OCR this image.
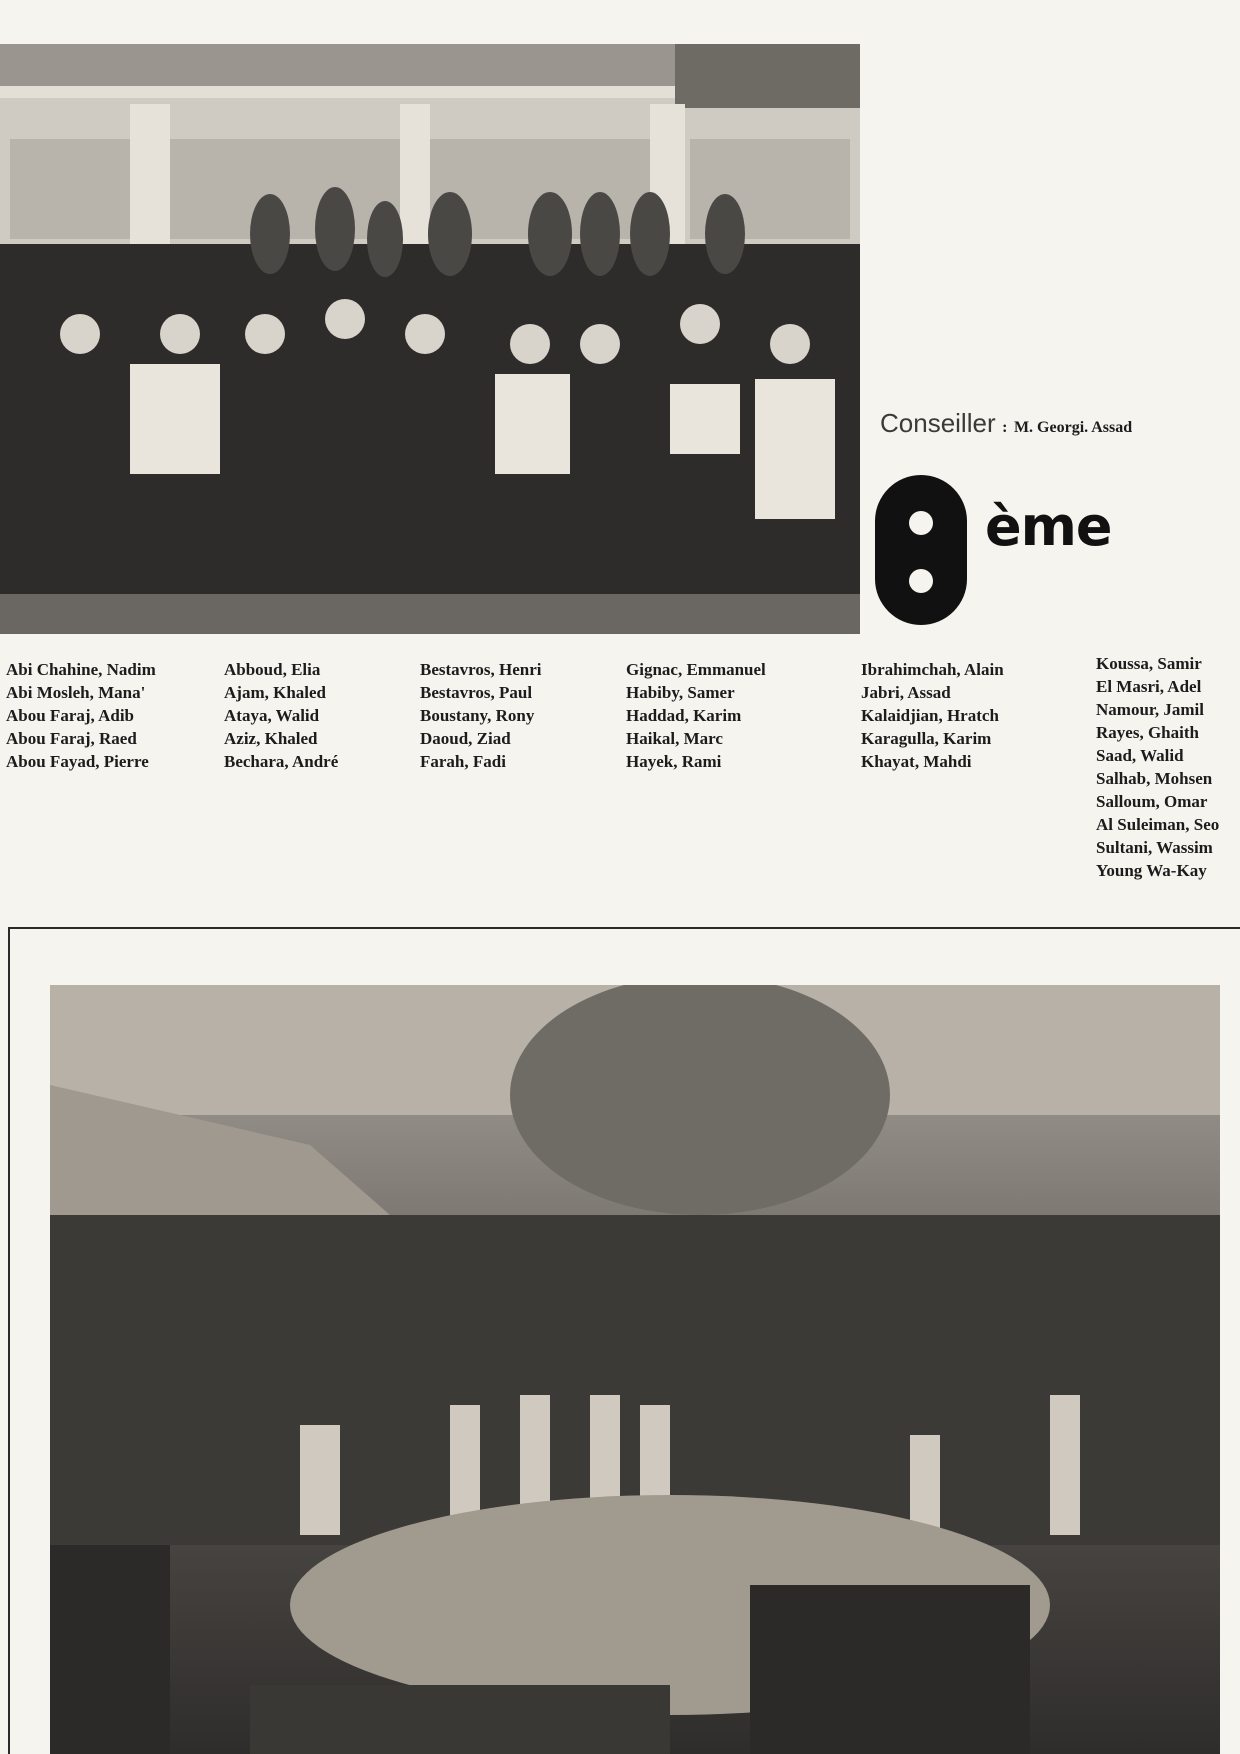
Conseiller : M. Georgi. Assad
ème
Abi Chahine, Nadim
Abi Mosleh, Mana'
Abou Faraj, Adib
Abou Faraj, Raed
Abou Fayad, Pierre
Abboud, Elia
Ajam, Khaled
Ataya, Walid
Aziz, Khaled
Bechara, André
Bestavros, Henri
Bestavros, Paul
Boustany, Rony
Daoud, Ziad
Farah, Fadi
Gignac, Emmanuel
Habiby, Samer
Haddad, Karim
Haikal, Marc
Hayek, Rami
Ibrahimchah, Alain
Jabri, Assad
Kalaidjian, Hratch
Karagulla, Karim
Khayat, Mahdi
Koussa, Samir
El Masri, Adel
Namour, Jamil
Rayes, Ghaith
Saad, Walid
Salhab, Mohsen
Salloum, Omar
Al Suleiman, Seo
Sultani, Wassim
Young Wa-Kay
